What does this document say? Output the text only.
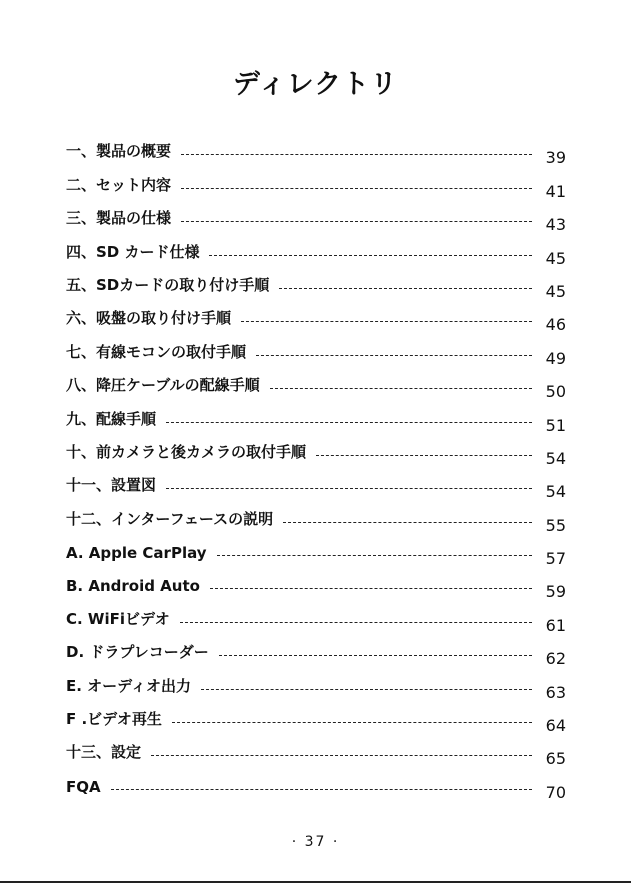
ディレクトリ
一、製品の概要	39
二、セット内容	41
三、製品の仕様	43
四、SD カード仕様	45
五、SDカードの取り付け手順	45
六、吸盤の取り付け手順	46
七、有線モコンの取付手順	49
八、降圧ケーブルの配線手順	50
九、配線手順	51
十、前カメラと後カメラの取付手順	54
十一、設置図	54
十二、インターフェースの説明	55
A. Apple CarPlay	57
B. Android Auto	59
C. WiFiビデオ	61
D. ドラプレコーダー	62
E. オーディオ出力	63
F .ビデオ再生	64
十三、設定	65
FQA	70
· 37 ·
